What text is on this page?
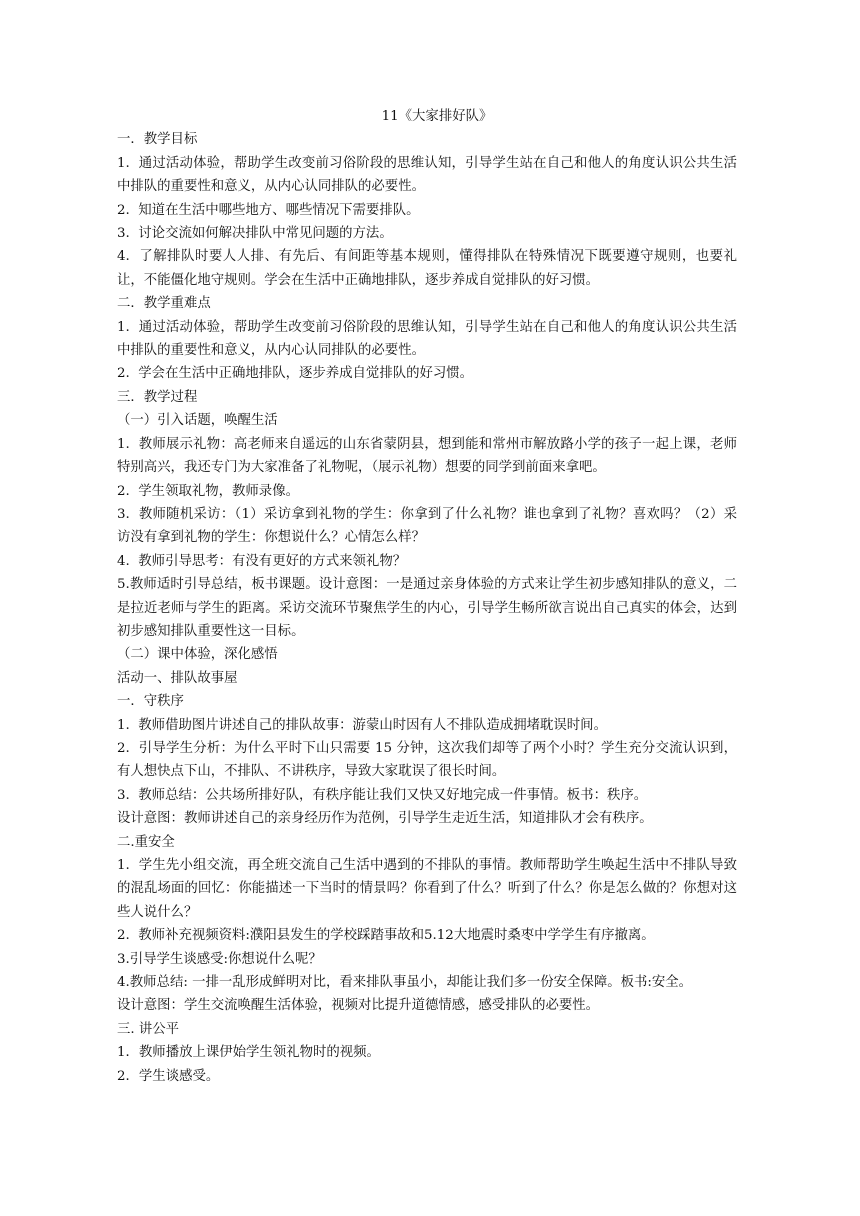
11《大家排好队》

一．教学目标

1.  通过活动体验，帮助学生改变前习俗阶段的思维认知，引导学生站在自己和他人的角度认识公共生活中排队的重要性和意义，从内心认同排队的必要性。

2.  知道在生活中哪些地方、哪些情况下需要排队。

3.  讨论交流如何解决排队中常见问题的方法。

4.  了解排队时要人人排、有先后、有间距等基本规则，懂得排队在特殊情况下既要遵守规则，也要礼让，不能僵化地守规则。学会在生活中正确地排队，逐步养成自觉排队的好习惯。

二．教学重难点

1.  通过活动体验，帮助学生改变前习俗阶段的思维认知，引导学生站在自己和他人的角度认识公共生活中排队的重要性和意义，从内心认同排队的必要性。

2.  学会在生活中正确地排队，逐步养成自觉排队的好习惯。

三．教学过程

（一）引入话题，唤醒生活

1.  教师展示礼物：高老师来自遥远的山东省蒙阴县，想到能和常州市解放路小学的孩子一起上课，老师特别高兴，我还专门为大家准备了礼物呢，（展示礼物）想要的同学到前面来拿吧。

2.  学生领取礼物，教师录像。

3.  教师随机采访：（1）采访拿到礼物的学生：你拿到了什么礼物？谁也拿到了礼物？喜欢吗？（2）采访没有拿到礼物的学生：你想说什么？心情怎么样？

4.  教师引导思考：有没有更好的方式来领礼物？

5.教师适时引导总结，板书课题。设计意图：一是通过亲身体验的方式来让学生初步感知排队的意义，二是拉近老师与学生的距离。采访交流环节聚焦学生的内心，引导学生畅所欲言说出自己真实的体会，达到初步感知排队重要性这一目标。

（二）课中体验，深化感悟

活动一、排队故事屋

一．守秩序

1.  教师借助图片讲述自己的排队故事：游蒙山时因有人不排队造成拥堵耽误时间。

2.  引导学生分析：为什么平时下山只需要 15 分钟，这次我们却等了两个小时？学生充分交流认识到，有人想快点下山，不排队、不讲秩序，导致大家耽误了很长时间。

3.  教师总结：公共场所排好队，有秩序能让我们又快又好地完成一件事情。板书：秩序。

设计意图：教师讲述自己的亲身经历作为范例，引导学生走近生活，知道排队才会有秩序。

二.重安全

1.  学生先小组交流，再全班交流自己生活中遇到的不排队的事情。教师帮助学生唤起生活中不排队导致的混乱场面的回忆：你能描述一下当时的情景吗？你看到了什么？听到了什么？你是怎么做的？你想对这些人说什么？

2.  教师补充视频资料:濮阳县发生的学校踩踏事故和5.12大地震时桑枣中学学生有序撤离。

3.引导学生谈感受:你想说什么呢？

4.教师总结: 一排一乱形成鲜明对比，看来排队事虽小，却能让我们多一份安全保障。板书:安全。

设计意图：学生交流唤醒生活体验，视频对比提升道德情感，感受排队的必要性。

三. 讲公平

1．教师播放上课伊始学生领礼物时的视频。

2．学生谈感受。
